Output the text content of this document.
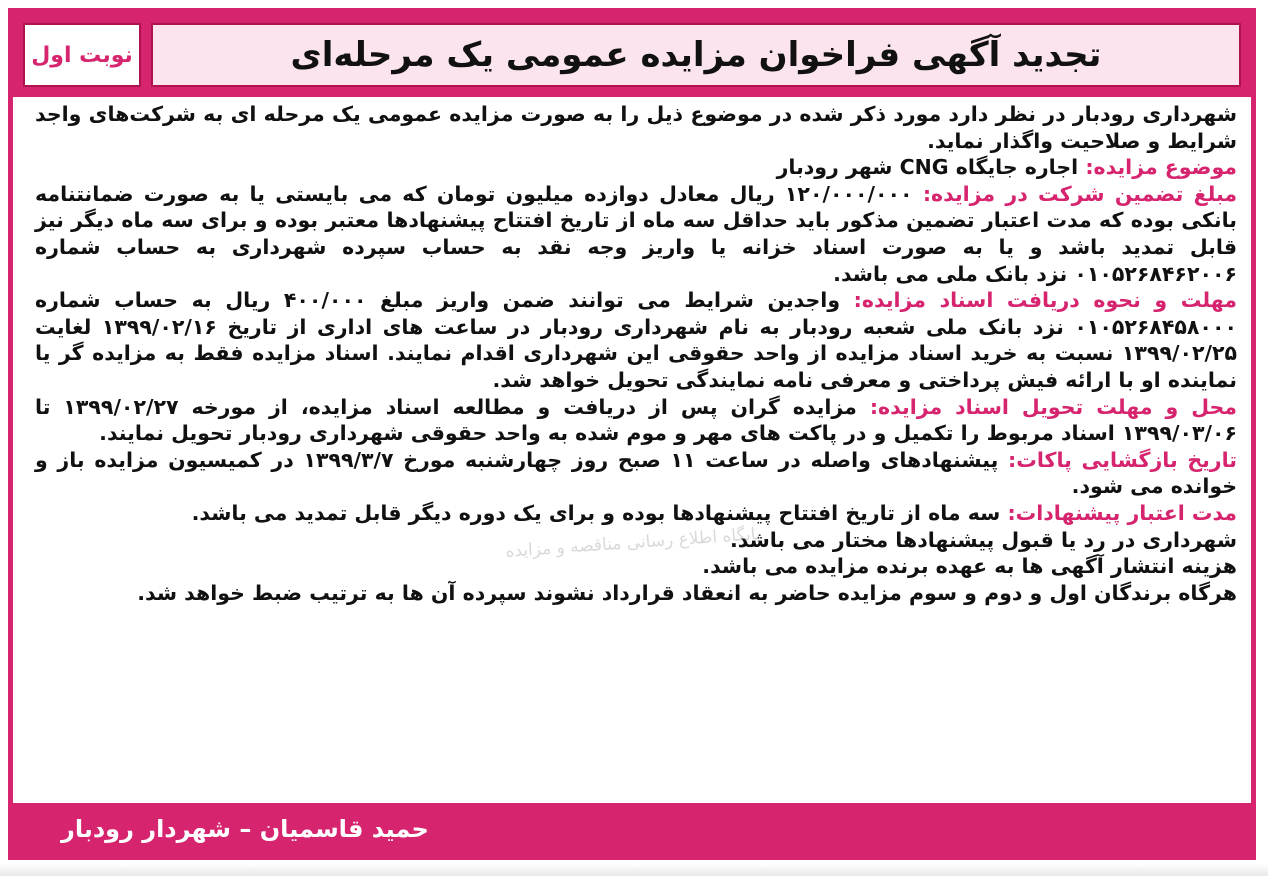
نوبت اول	تجدید آگهی فراخوان مزایده عمومی یک مرحله‌ای

شهرداری رودبار در نظر دارد مورد ذکر شده در موضوع ذیل را به صورت مزایده عمومی یک مرحله ای به شرکت‌های واجد شرایط و صلاحیت واگذار نماید.

موضوع مزایده: اجاره جایگاه CNG شهر رودبار

مبلغ تضمین شرکت در مزایده: ۱۲۰/۰۰۰/۰۰۰ ریال معادل دوازده میلیون تومان که می بایستی یا به صورت ضمانتنامه بانکی بوده که مدت اعتبار تضمین مذکور باید حداقل سه ماه از تاریخ افتتاح پیشنهادها معتبر بوده و برای سه ماه دیگر نیز قابل تمدید باشد و یا به صورت اسناد خزانه یا واریز وجه نقد به حساب سپرده شهرداری به حساب شماره ۰۱۰۵۲۶۸۴۶۲۰۰۶ نزد بانک ملی می باشد.

مهلت و نحوه دریافت اسناد مزایده: واجدین شرایط می توانند ضمن واریز مبلغ ۴۰۰/۰۰۰ ریال به حساب شماره ۰۱۰۵۲۶۸۴۵۸۰۰۰ نزد بانک ملی شعبه رودبار به نام شهرداری رودبار در ساعت های اداری از تاریخ ۱۳۹۹/۰۲/۱۶ لغایت ۱۳۹۹/۰۲/۲۵ نسبت به خرید اسناد مزایده از واحد حقوقی این شهرداری اقدام نمایند. اسناد مزایده فقط به مزایده گر یا نماینده او با ارائه فیش پرداختی و معرفی نامه نمایندگی تحویل خواهد شد.

محل و مهلت تحویل اسناد مزایده: مزایده گران پس از دریافت و مطالعه اسناد مزایده، از مورخه ۱۳۹۹/۰۲/۲۷ تا ۱۳۹۹/۰۳/۰۶ اسناد مربوط را تکمیل و در پاکت های مهر و موم شده به واحد حقوقی شهرداری رودبار تحویل نمایند.

تاریخ بازگشایی پاکات: پیشنهادهای واصله در ساعت ۱۱ صبح روز چهارشنبه مورخ ۱۳۹۹/۳/۷ در کمیسیون مزایده باز و خوانده می شود.

مدت اعتبار پیشنهادات: سه ماه از تاریخ افتتاح پیشنهادها بوده و برای یک دوره دیگر قابل تمدید می باشد.

شهرداری در رد یا قبول پیشنهادها مختار می باشد.

هزینه انتشار آگهی ها به عهده برنده مزایده می باشد.

هرگاه برندگان اول و دوم و سوم مزایده حاضر به انعقاد قرارداد نشوند سپرده آن ها به ترتیب ضبط خواهد شد.

پایگاه اطلاع رسانی مناقصه و مزایده
حمید قاسمیان – شهردار رودبار
